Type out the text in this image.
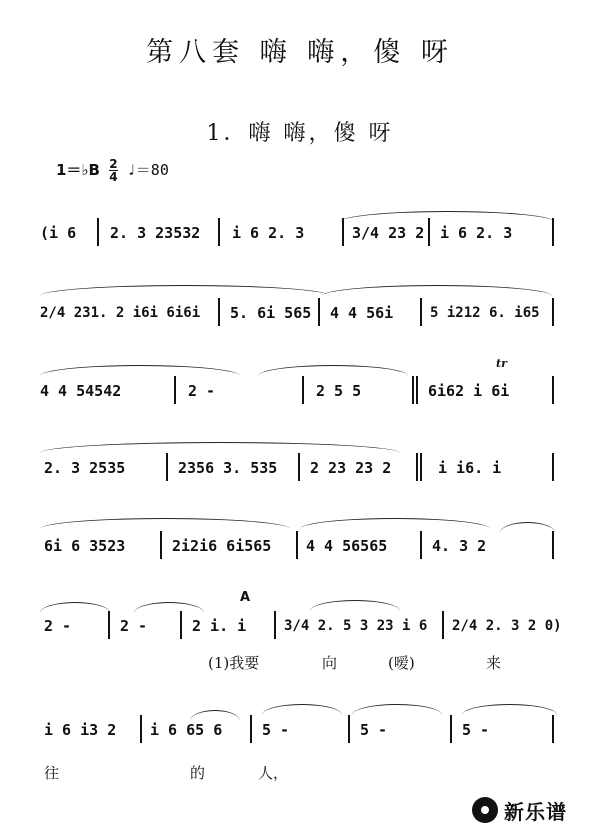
第八套 嗨 嗨，傻 呀
1．嗨 嗨，傻 呀
1＝♭B $\frac{2}{4}$ ♩＝80
(i 6 2. 3 23532 i 6 2. 3	3/4 23 2 i 6 2. 3
2/4 231. 2 i6i 6i6i 5. 6i 565 4 4 56i	5 i212 6. i65
tr
4 4 54542	2 -	2 5 5	6i62 i 6i
2. 3 2535	2356 3. 535 2 23 23 2	i i6. i
6i 6 3523	2i2i6 6i565 4 4 56565	4. 3 2
A
2 -	2 -	2 i. i	3/4 2. 5 3 23 i 6 2/4 2. 3 2 0)
(1)我要	向	(嗳)	来
i 6 i3 2 i 6 65 6	5 -	5 -	5 -
往	的	人，
新乐谱
